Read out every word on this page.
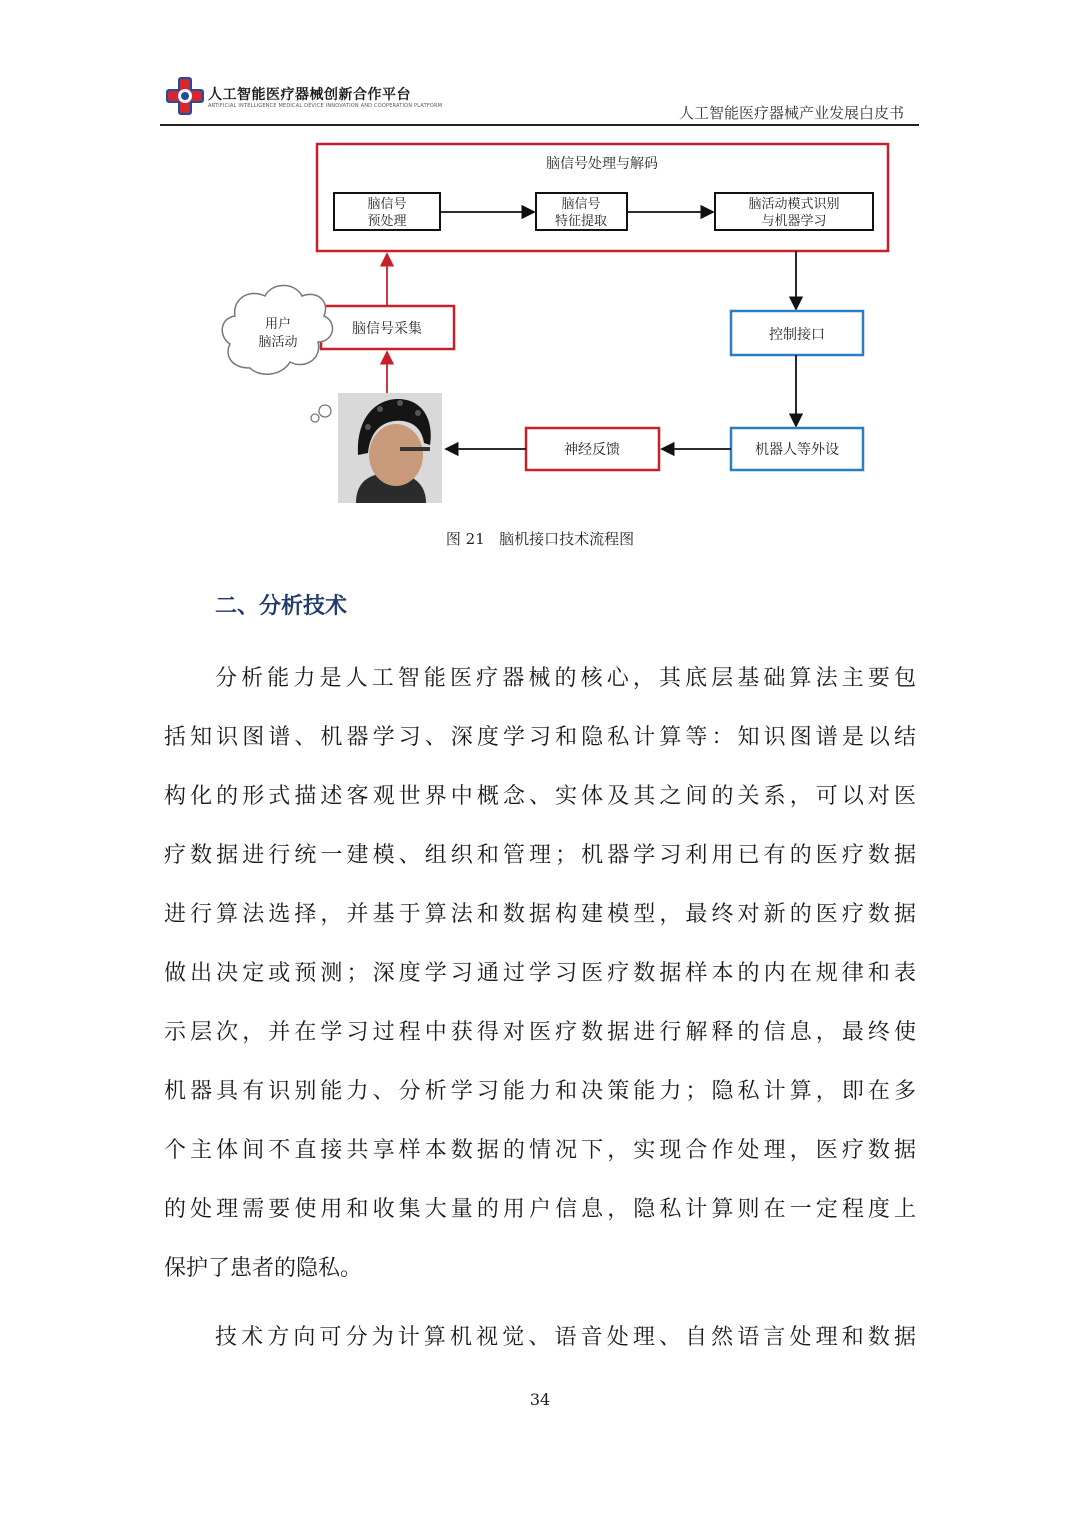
人工智能医疗器械创新合作平台
ARTIFICIAL INTELLIGENCE MEDICAL DEVICE INNOVATION AND COOPERATION PLATFORM	人工智能医疗器械产业发展白皮书
脑信号处理与解码
脑信号
预处理
脑信号
特征提取
脑活动模式识别
与机器学习
控制接口
机器人等外设
神经反馈
脑信号采集
用户
脑活动
图 21   脑机接口技术流程图
二、分析技术
分析能力是人工智能医疗器械的核心，其底层基础算法主要包
括知识图谱、机器学习、深度学习和隐私计算等：知识图谱是以结
构化的形式描述客观世界中概念、实体及其之间的关系，可以对医
疗数据进行统一建模、组织和管理；机器学习利用已有的医疗数据
进行算法选择，并基于算法和数据构建模型，最终对新的医疗数据
做出决定或预测；深度学习通过学习医疗数据样本的内在规律和表
示层次，并在学习过程中获得对医疗数据进行解释的信息，最终使
机器具有识别能力、分析学习能力和决策能力；隐私计算，即在多
个主体间不直接共享样本数据的情况下，实现合作处理，医疗数据
的处理需要使用和收集大量的用户信息，隐私计算则在一定程度上
保护了患者的隐私。
技术方向可分为计算机视觉、语音处理、自然语言处理和数据
34
